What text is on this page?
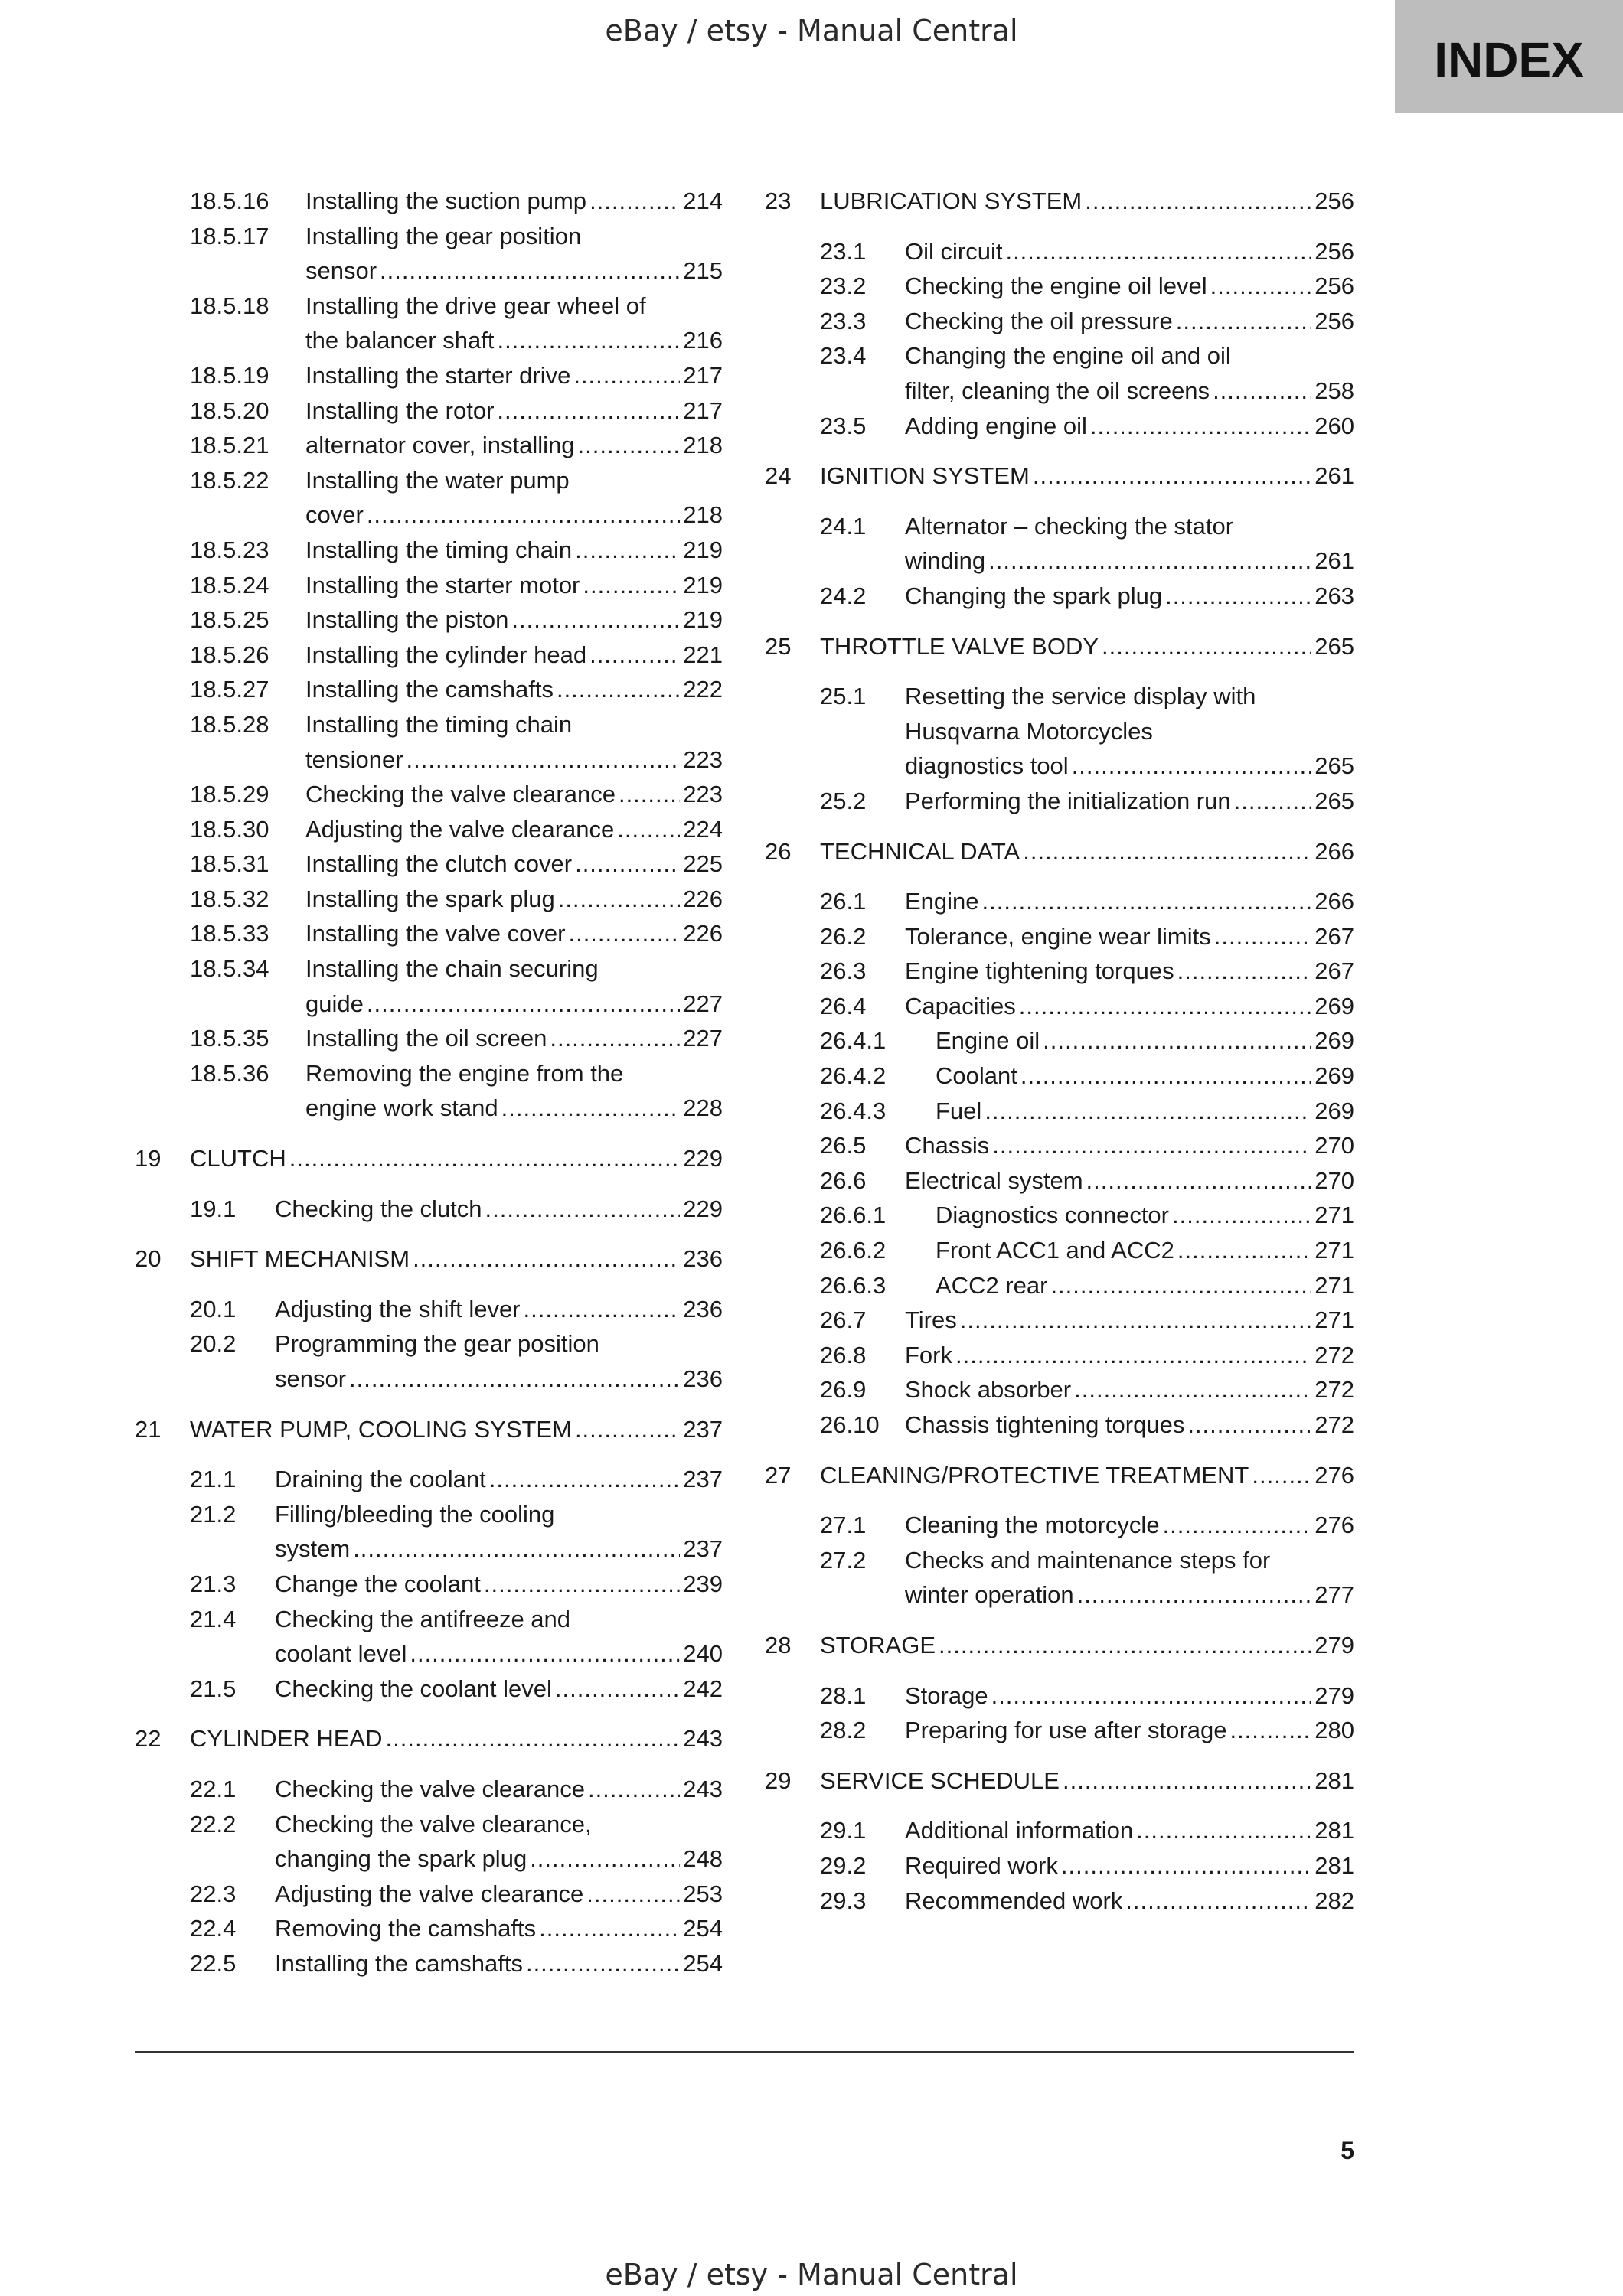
eBay / etsy - Manual Central
INDEX
18.5.16	Installing the suction pump .....	214
18.5.17	Installing the gear position
sensor .....	215
18.5.18	Installing the drive gear wheel of
the balancer shaft .....	216
18.5.19	Installing the starter drive .....	217
18.5.20	Installing the rotor .....	217
18.5.21	alternator cover, installing .....	218
18.5.22	Installing the water pump
cover .....	218
18.5.23	Installing the timing chain .....	219
18.5.24	Installing the starter motor .....	219
18.5.25	Installing the piston .....	219
18.5.26	Installing the cylinder head .....	221
18.5.27	Installing the camshafts .....	222
18.5.28	Installing the timing chain
tensioner .....	223
18.5.29	Checking the valve clearance .....	223
18.5.30	Adjusting the valve clearance .....	224
18.5.31	Installing the clutch cover .....	225
18.5.32	Installing the spark plug .....	226
18.5.33	Installing the valve cover .....	226
18.5.34	Installing the chain securing
guide .....	227
18.5.35	Installing the oil screen .....	227
18.5.36	Removing the engine from the
engine work stand .....	228
19	CLUTCH .....	229
19.1	Checking the clutch .....	229
20	SHIFT MECHANISM .....	236
20.1	Adjusting the shift lever .....	236
20.2	Programming the gear position
sensor .....	236
21	WATER PUMP, COOLING SYSTEM .....	237
21.1	Draining the coolant .....	237
21.2	Filling/bleeding the cooling
system .....	237
21.3	Change the coolant .....	239
21.4	Checking the antifreeze and
coolant level .....	240
21.5	Checking the coolant level .....	242
22	CYLINDER HEAD .....	243
22.1	Checking the valve clearance .....	243
22.2	Checking the valve clearance,
changing the spark plug .....	248
22.3	Adjusting the valve clearance .....	253
22.4	Removing the camshafts .....	254
22.5	Installing the camshafts .....	254
23	LUBRICATION SYSTEM .....	256
23.1	Oil circuit .....	256
23.2	Checking the engine oil level .....	256
23.3	Checking the oil pressure .....	256
23.4	Changing the engine oil and oil
filter, cleaning the oil screens .....	258
23.5	Adding engine oil .....	260
24	IGNITION SYSTEM .....	261
24.1	Alternator – checking the stator
winding .....	261
24.2	Changing the spark plug .....	263
25	THROTTLE VALVE BODY .....	265
25.1	Resetting the service display with
Husqvarna Motorcycles
diagnostics tool .....	265
25.2	Performing the initialization run .....	265
26	TECHNICAL DATA .....	266
26.1	Engine .....	266
26.2	Tolerance, engine wear limits .....	267
26.3	Engine tightening torques .....	267
26.4	Capacities .....	269
26.4.1	Engine oil .....	269
26.4.2	Coolant .....	269
26.4.3	Fuel .....	269
26.5	Chassis .....	270
26.6	Electrical system .....	270
26.6.1	Diagnostics connector .....	271
26.6.2	Front ACC1 and ACC2 .....	271
26.6.3	ACC2 rear .....	271
26.7	Tires .....	271
26.8	Fork .....	272
26.9	Shock absorber .....	272
26.10	Chassis tightening torques .....	272
27	CLEANING/PROTECTIVE TREATMENT .....	276
27.1	Cleaning the motorcycle .....	276
27.2	Checks and maintenance steps for
winter operation .....	277
28	STORAGE .....	279
28.1	Storage .....	279
28.2	Preparing for use after storage .....	280
29	SERVICE SCHEDULE .....	281
29.1	Additional information .....	281
29.2	Required work .....	281
29.3	Recommended work .....	282
5
eBay / etsy - Manual Central
